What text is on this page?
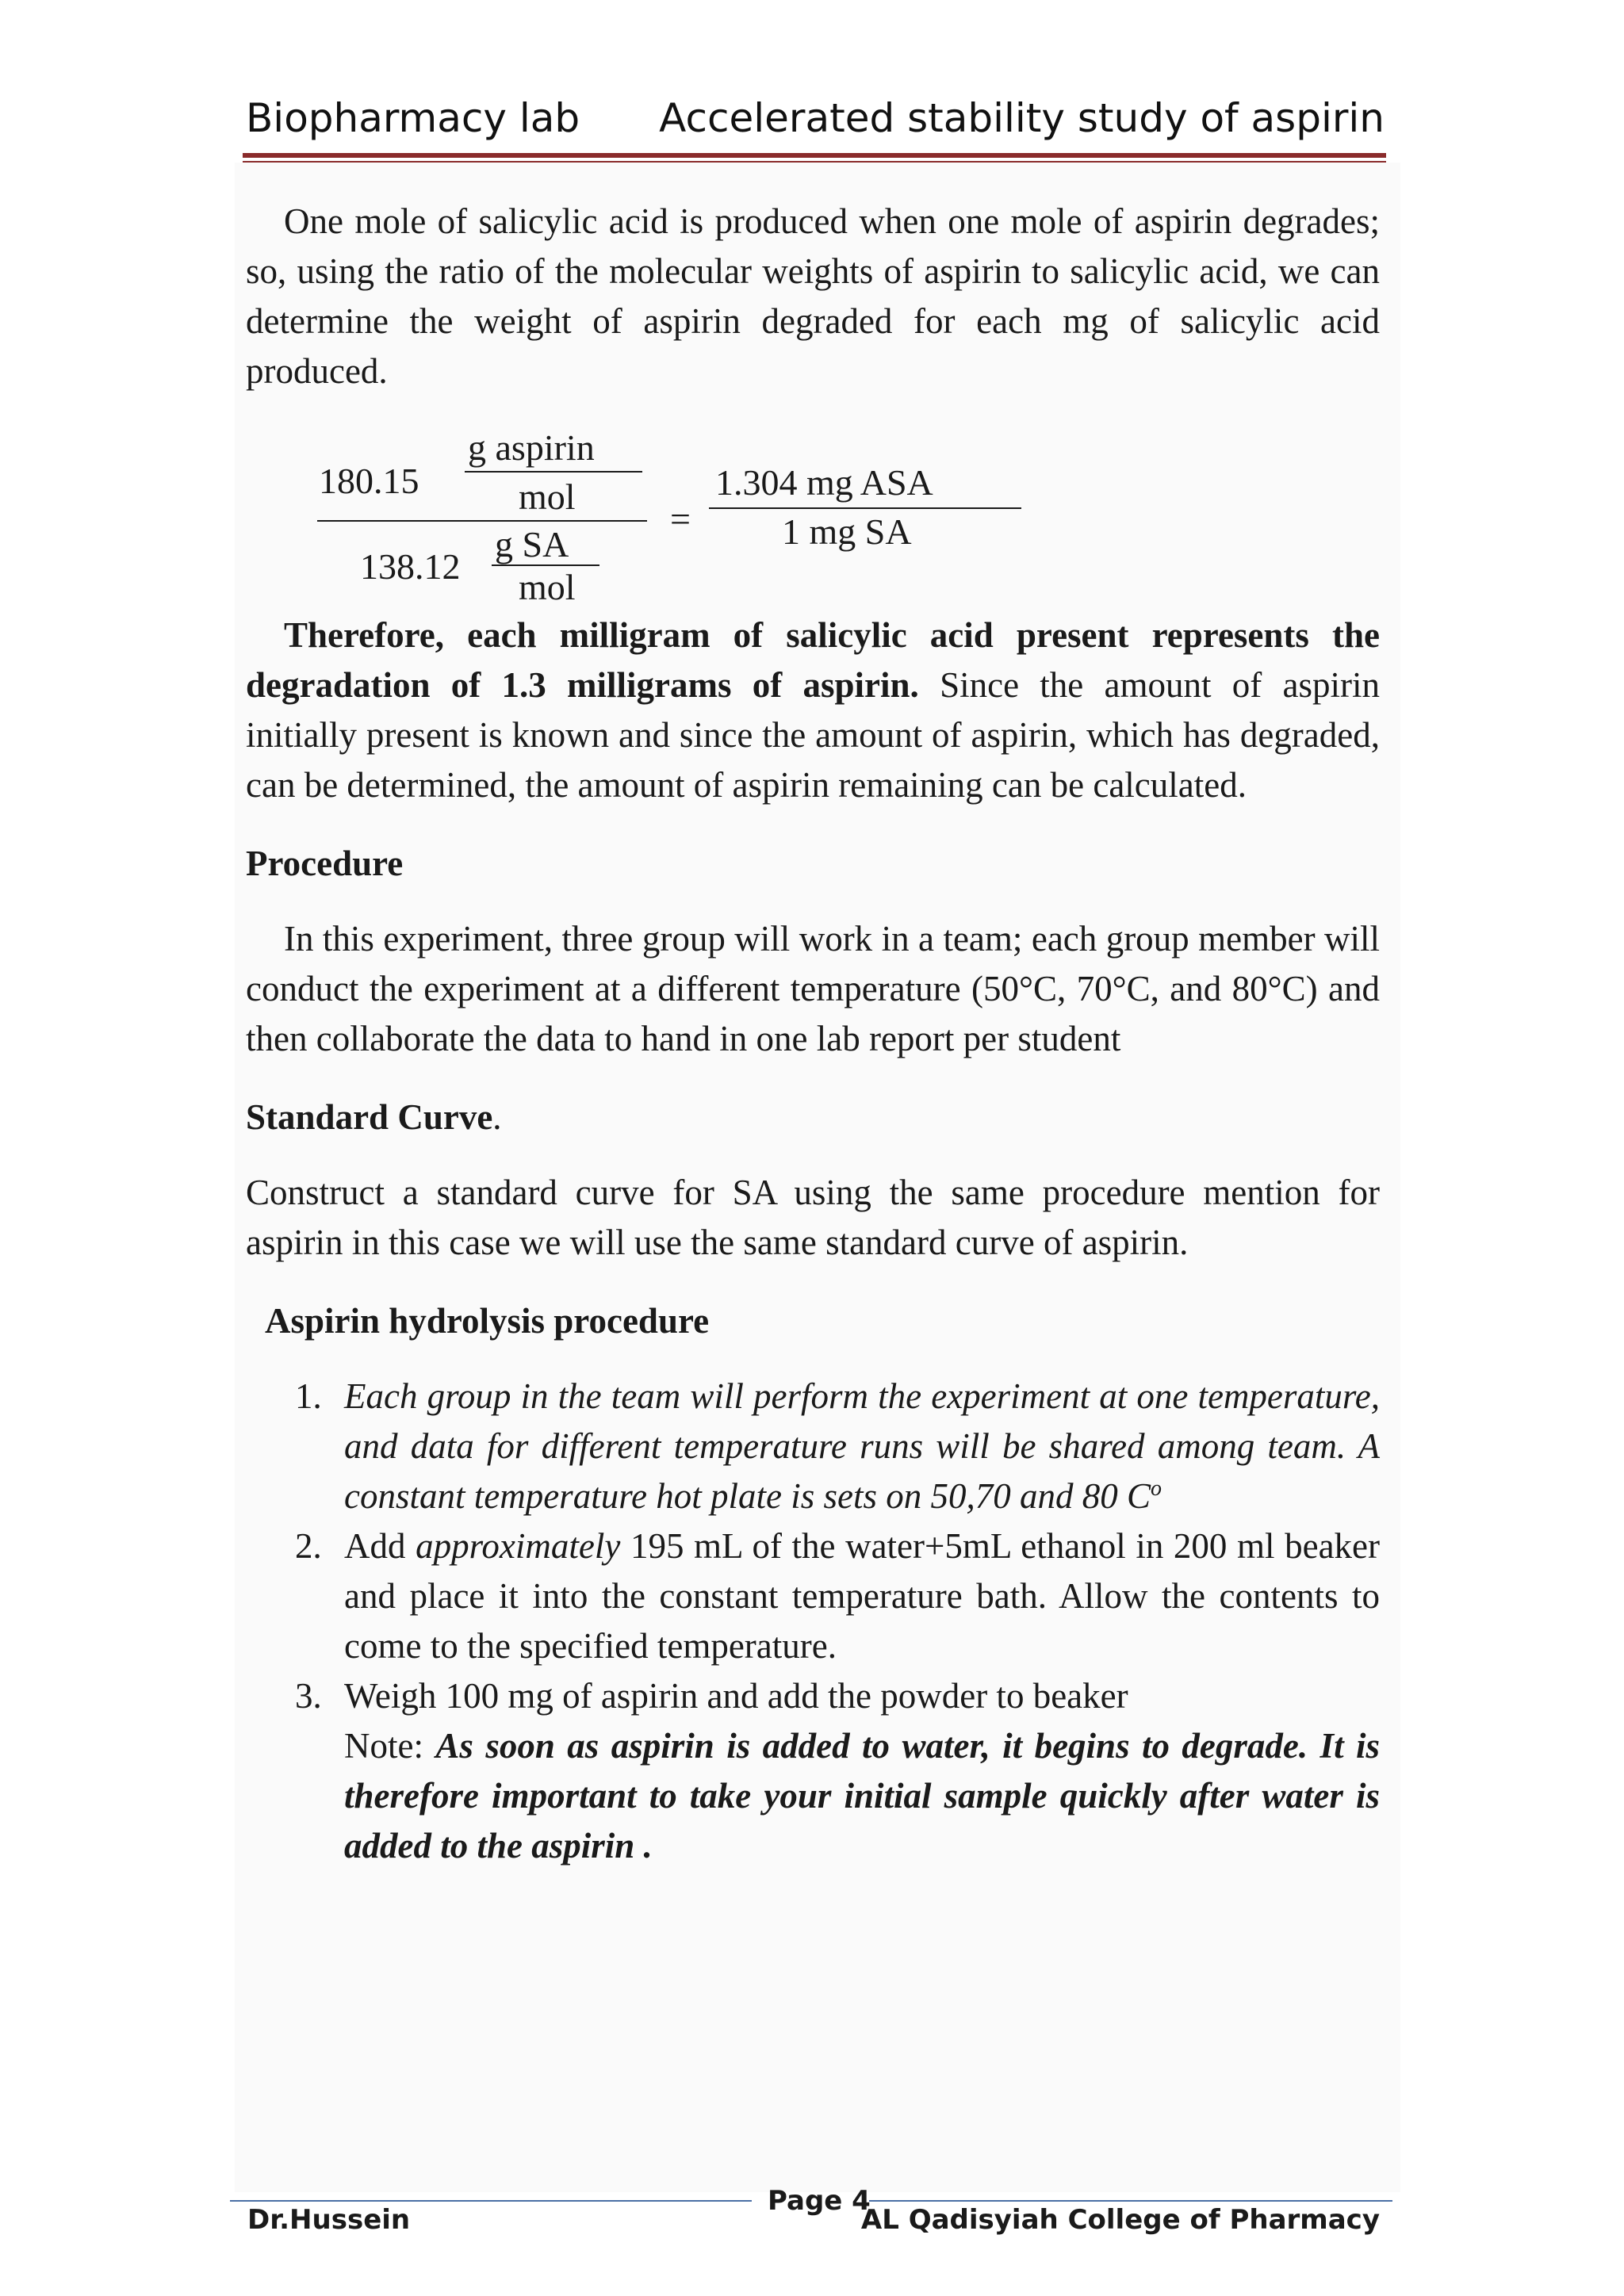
Biopharmacy lab Accelerated stability study of aspirin

One mole of salicylic acid is produced when one mole of aspirin degrades; so, using the ratio of the molecular weights of aspirin to salicylic acid, we can determine the weight of aspirin degraded for each mg of salicylic acid produced.

180.15
g aspirin
mol
138.12
g SA
mol
=
1.304 mg ASA
1 mg SA

Therefore, each milligram of salicylic acid present represents the degradation of 1.3 milligrams of aspirin. Since the amount of aspirin initially present is known and since the amount of aspirin, which has degraded, can be determined, the amount of aspirin remaining can be calculated.

Procedure

In this experiment, three group will work in a team; each group member will conduct the experiment at a different temperature (50°C, 70°C, and 80°C) and then collaborate the data to hand in one lab report per student

Standard Curve.

Construct a standard curve for SA using the same procedure mention for aspirin in this case we will use the same standard curve of aspirin.

Aspirin hydrolysis procedure
1. Each group in the team will perform the experiment at one temperature, and data for different temperature runs will be shared among team. A constant temperature hot plate is sets on 50,70 and 80 $C^o$
2. Add approximately 195 mL of the water+5mL ethanol in 200 ml beaker and place it into the constant temperature bath. Allow the contents to come to the specified temperature.
3. Weigh 100 mg of aspirin and add the powder to beaker
Note: As soon as aspirin is added to water, it begins to degrade. It is therefore important to take your initial sample quickly after water is added to the aspirin .
Dr.Hussein
Page 4
AL Qadisyiah College of Pharmacy
